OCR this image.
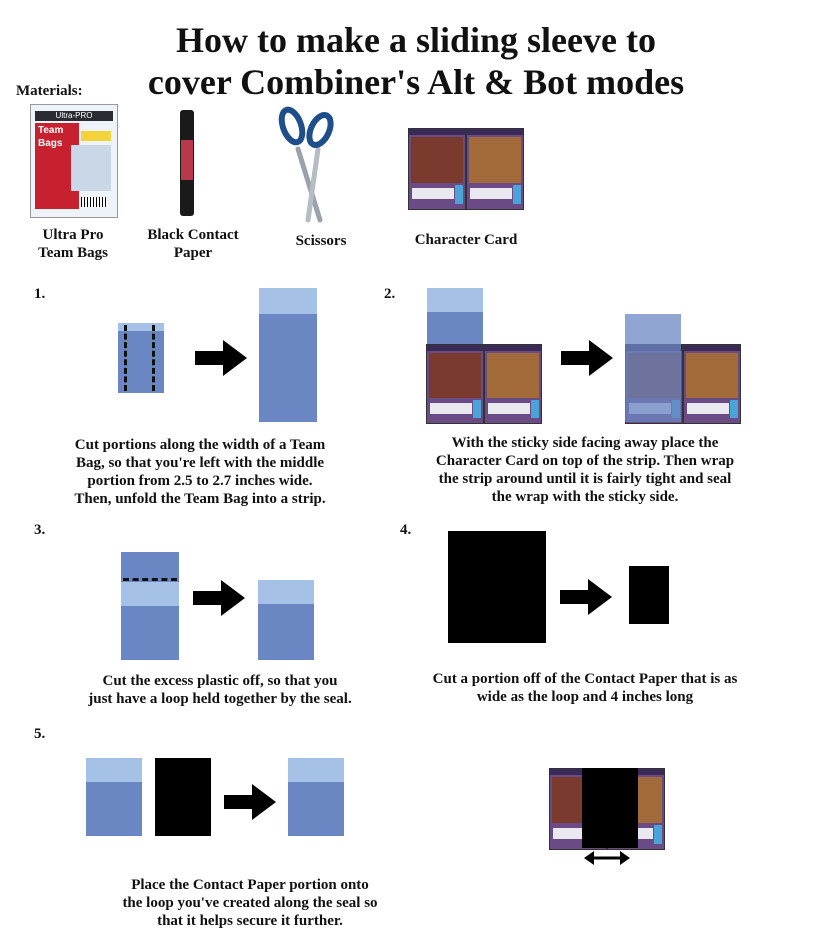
How to make a sliding sleeve to
cover Combiner's Alt & Bot modes
Materials:
Ultra-PRO
Team
Bags
Ultra Pro
Team Bags
Black Contact
Paper
Scissors	Character Card
1.
Cut portions along the width of a Team
Bag, so that you're left with the middle
portion from 2.5 to 2.7 inches wide.
Then, unfold the Team Bag into a strip.
2.
With the sticky side facing away place the
Character Card on top of the strip. Then wrap
the strip around until it is fairly tight and seal
the wrap with the sticky side.
3.
Cut the excess plastic off, so that you
just have a loop held together by the seal.
4.
Cut a portion off of the Contact Paper that is as
wide as the loop and 4 inches long
5.
Place the Contact Paper portion onto
the loop you've created along the seal so
that it helps secure it further.
